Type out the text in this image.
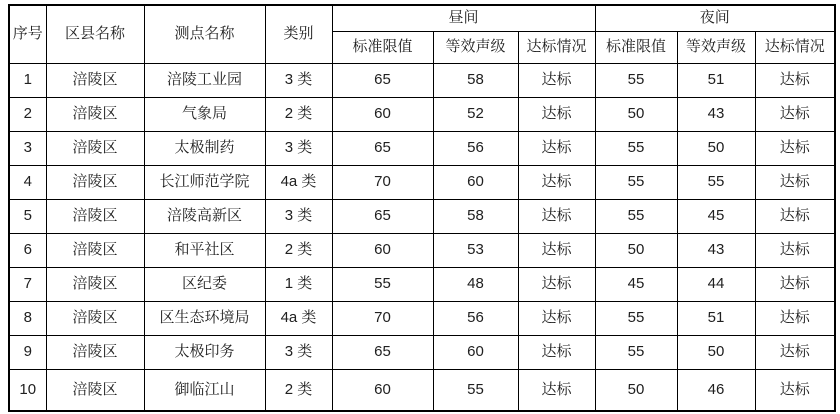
序号	区县名称	测点名称	类别	昼间			夜间		
				标准限值	等效声级	达标情况	标准限值	等效声级	达标情况
1	涪陵区	涪陵工业园	3 类	65	58	达标	55	51	达标
2	涪陵区	气象局	2 类	60	52	达标	50	43	达标
3	涪陵区	太极制药	3 类	65	56	达标	55	50	达标
4	涪陵区	长江师范学院	4a 类	70	60	达标	55	55	达标
5	涪陵区	涪陵高新区	3 类	65	58	达标	55	45	达标
6	涪陵区	和平社区	2 类	60	53	达标	50	43	达标
7	涪陵区	区纪委	1 类	55	48	达标	45	44	达标
8	涪陵区	区生态环境局	4a 类	70	56	达标	55	51	达标
9	涪陵区	太极印务	3 类	65	60	达标	55	50	达标
10	涪陵区	御临江山	2 类	60	55	达标	50	46	达标
